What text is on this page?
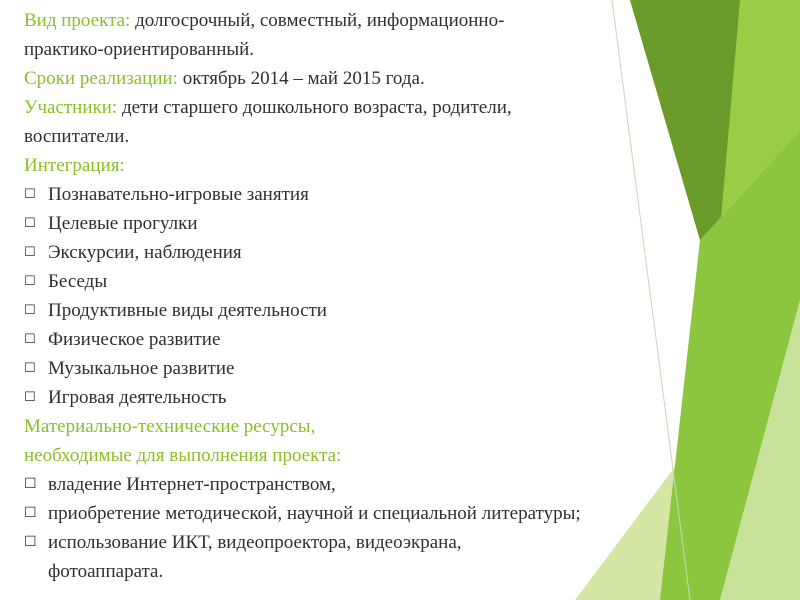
Вид проекта: долгосрочный, совместный, информационно-
практико-ориентированный.
Сроки реализации: октябрь 2014 – май 2015 года.
Участники: дети старшего дошкольного возраста, родители,
воспитатели.
Интеграция:
☐ Познавательно-игровые занятия
☐ Целевые прогулки
☐ Экскурсии, наблюдения
☐ Беседы
☐ Продуктивные виды деятельности
☐ Физическое развитие
☐ Музыкальное развитие
☐ Игровая деятельность
Материально-технические ресурсы,
необходимые для выполнения проекта:
☐ владение Интернет-пространством,
☐ приобретение методической, научной и специальной литературы;
☐ использование ИКТ, видеопроектора, видеоэкрана,
фотоаппарата.
